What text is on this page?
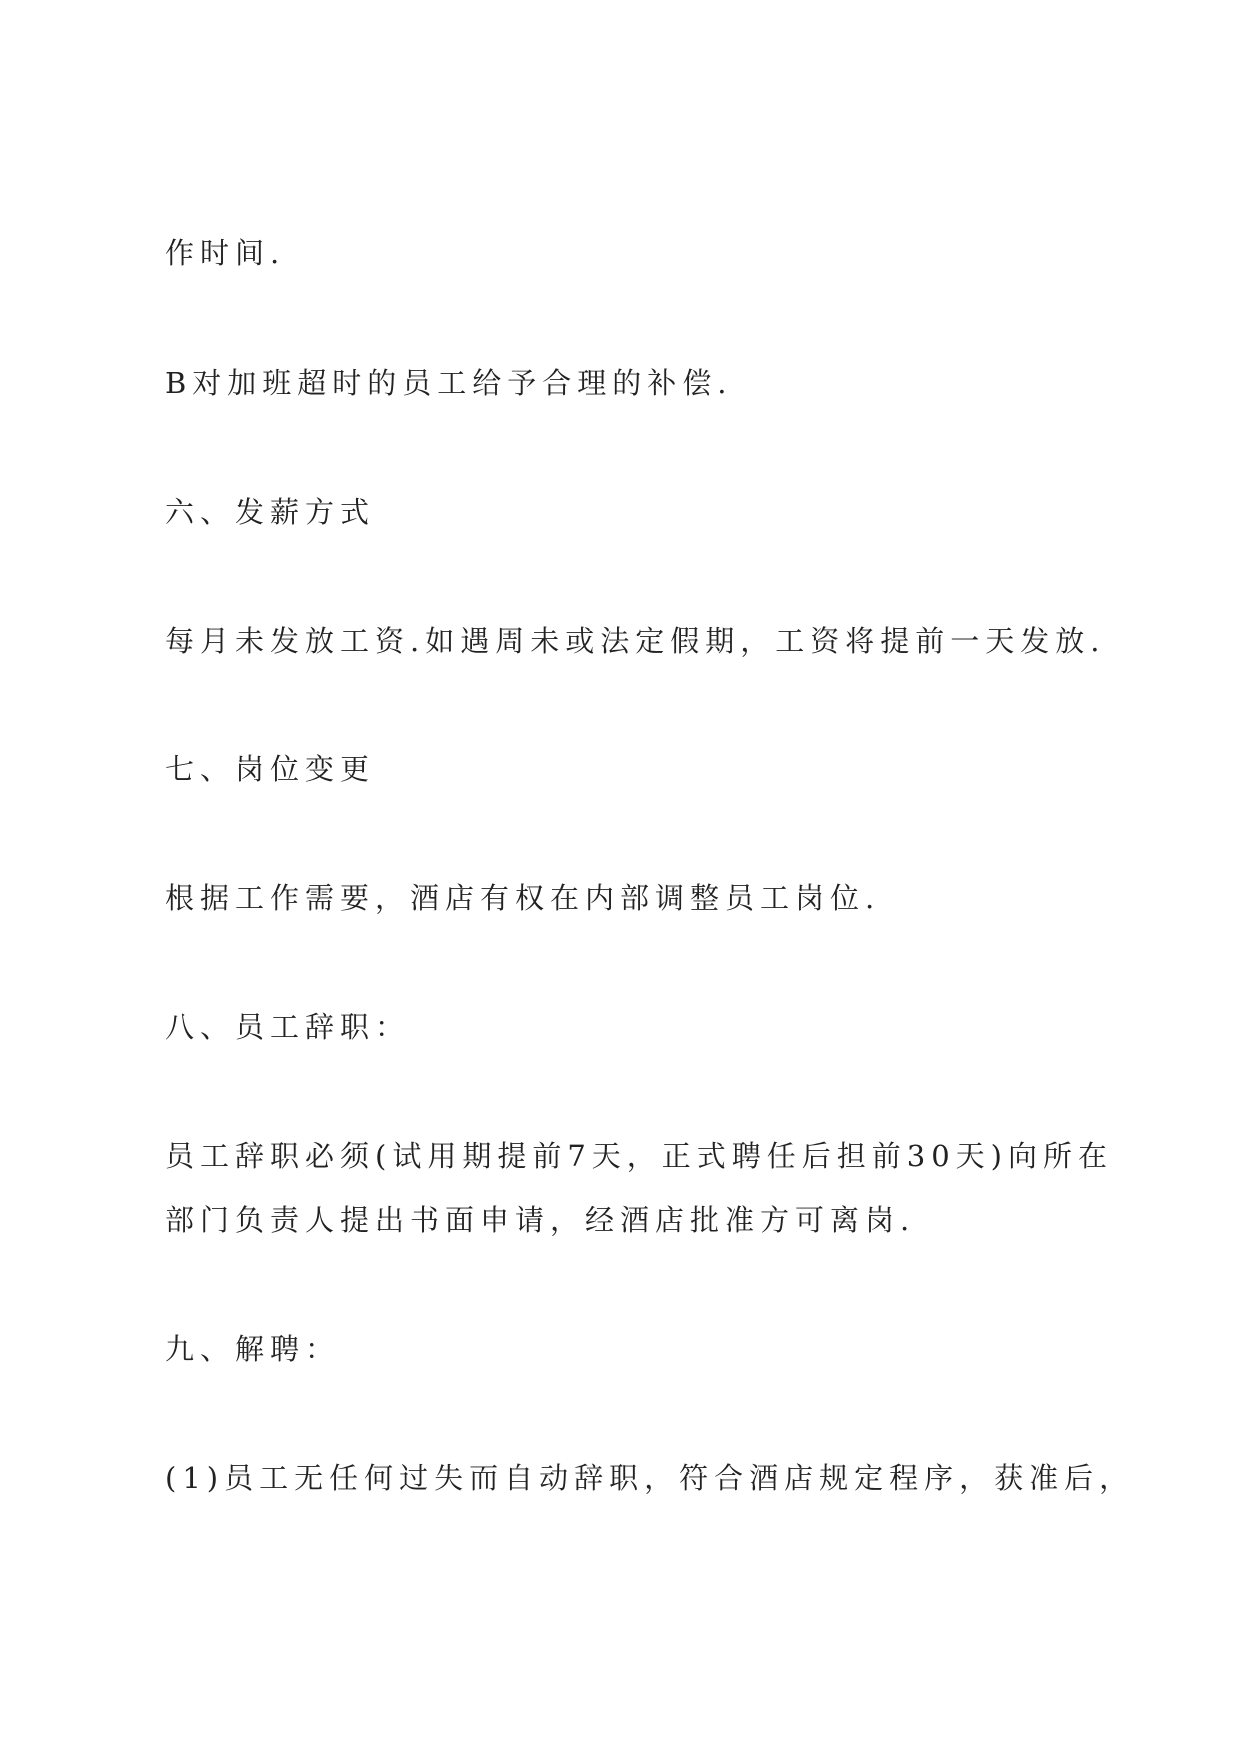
作时间.
B对加班超时的员工给予合理的补偿.
六、发薪方式
每月未发放工资.如遇周未或法定假期，工资将提前一天发放.
七、岗位变更
根据工作需要，酒店有权在内部调整员工岗位.
八、员工辞职：
员工辞职必须(试用期提前7天，正式聘任后担前30天)向所在
部门负责人提出书面申请，经酒店批准方可离岗.
九、解聘：
(1)员工无任何过失而自动辞职，符合酒店规定程序，获准后，
